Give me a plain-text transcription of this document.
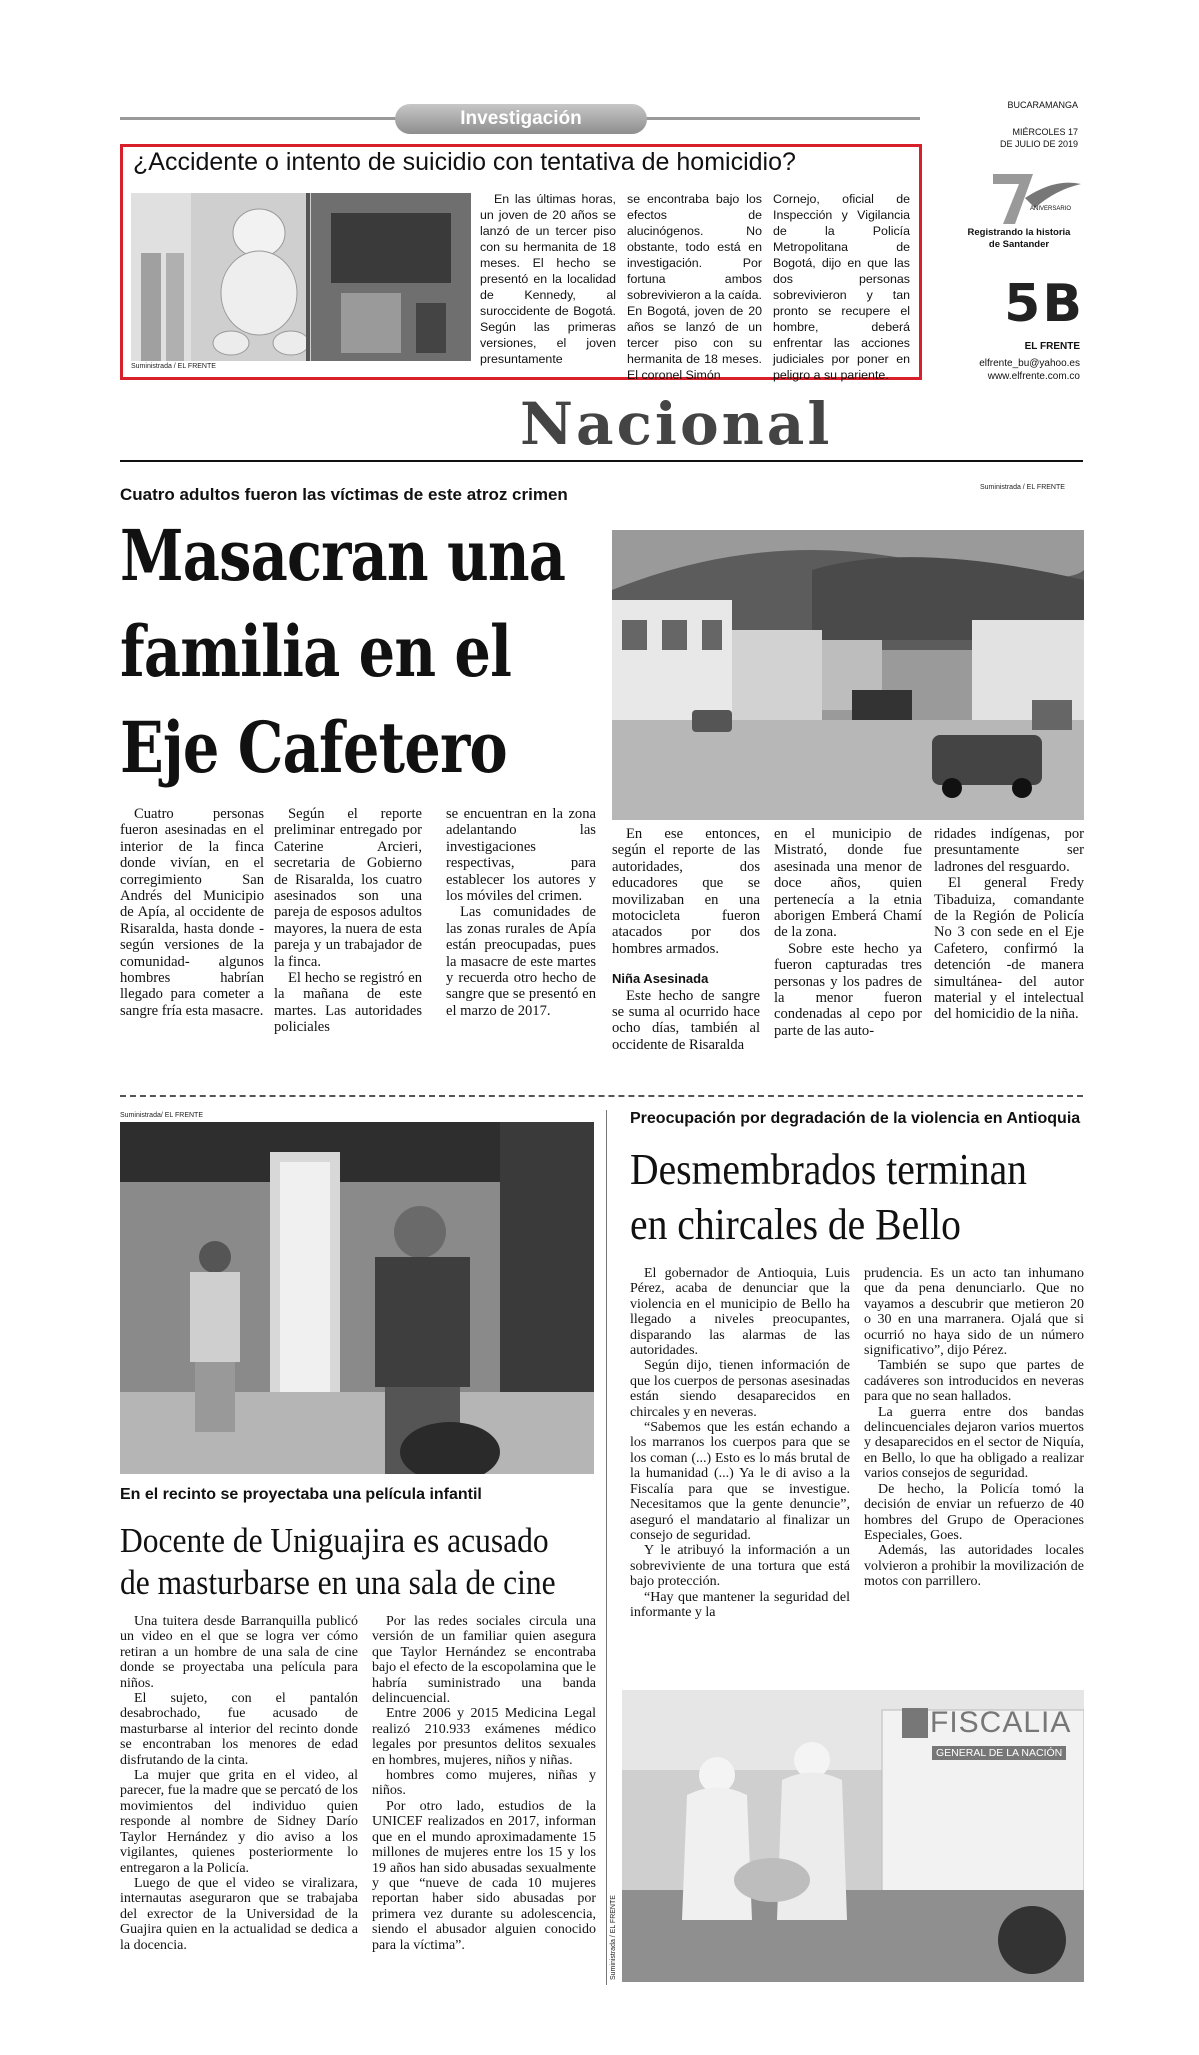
Investigación
¿Accidente o intento de suicidio con tentativa de homicidio?
Suministrada / EL FRENTE

En las últimas horas, un joven de 20 años se lanzó de un tercer piso con su hermanita de 18 meses. El hecho se presentó en la localidad de Kennedy, al suroccidente de Bogotá. Según las primeras versiones, el joven presuntamente

se encontraba bajo los efectos de alucinógenos. No obstante, todo está en investigación. Por fortuna ambos sobrevivieron a la caída. En Bogotá, joven de 20 años se lanzó de un tercer piso con su hermanita de 18 meses. El coronel Simón

Cornejo, oficial de Inspección y Vigilancia de la Policía Metropolitana de Bogotá, dijo en que las dos personas sobrevivieron y tan pronto se recupere el hombre, deberá enfrentar las acciones judiciales por poner en peligro a su pariente.

BUCARAMANGA
MIÉRCOLES 17
DE JULIO DE 2019
ANIVERSARIO
Registrando la historia
de Santander
5B
EL FRENTE
elfrente_bu@yahoo.es
www.elfrente.com.co
Nacional
Cuatro adultos fueron las víctimas de este atroz crimen
Masacran una
familia en el
Eje Cafetero
Suministrada / EL FRENTE

Cuatro personas fueron asesinadas en el interior de la finca donde vivían, en el corregimiento San Andrés del Municipio de Apía, al occidente de Risaralda, hasta donde -según versiones de la comunidad- algunos hombres habrían llegado para cometer a sangre fría esta masacre.

Según el reporte preliminar entregado por Caterine Arcieri, secretaria de Gobierno de Risaralda, los cuatro asesinados son una pareja de esposos adultos mayores, la nuera de esta pareja y un trabajador de la finca.

El hecho se registró en la mañana de este martes. Las autoridades policiales

se encuentran en la zona adelantando las investigaciones respectivas, para establecer los autores y los móviles del crimen.

Las comunidades de las zonas rurales de Apía están preocupadas, pues la masacre de este martes y recuerda otro hecho de sangre que se presentó en el marzo de 2017.

En ese entonces, según el reporte de las autoridades, dos educadores que se movilizaban en una motocicleta fueron atacados por dos hombres armados.

Niña Asesinada

Este hecho de sangre se suma al ocurrido hace ocho días, también al occidente de Risaralda

en el municipio de Mistrató, donde fue asesinada una menor de doce años, quien pertenecía a la etnia aborigen Emberá Chamí de la zona.

Sobre este hecho ya fueron capturadas tres personas y los padres de la menor fueron condenadas al cepo por parte de las auto-

ridades indígenas, por presuntamente ser ladrones del resguardo.

El general Fredy Tibaduiza, comandante de la Región de Policía No 3 con sede en el Eje Cafetero, confirmó la detención -de manera simultánea- del autor material y el intelectual del homicidio de la niña.

Suministrada/ EL FRENTE
En el recinto se proyectaba una película infantil
Docente de Uniguajira es acusado
de masturbarse en una sala de cine

Una tuitera desde Barranquilla publicó un video en el que se logra ver cómo retiran a un hombre de una sala de cine donde se proyectaba una película para niños.

El sujeto, con el pantalón desabrochado, fue acusado de masturbarse al interior del recinto donde se encontraban los menores de edad disfrutando de la cinta.

La mujer que grita en el video, al parecer, fue la madre que se percató de los movimientos del individuo quien responde al nombre de Sidney Darío Taylor Hernández y dio aviso a los vigilantes, quienes posteriormente lo entregaron a la Policía.

Luego de que el video se viralizara, internautas aseguraron que se trabajaba del exrector de la Universidad de la Guajira quien en la actualidad se dedica a la docencia.

Por las redes sociales circula una versión de un familiar quien asegura que Taylor Hernández se encontraba bajo el efecto de la escopolamina que le habría suministrado una banda delincuencial.

Entre 2006 y 2015 Medicina Legal realizó 210.933 exámenes médico legales por presuntos delitos sexuales en hombres, mujeres, niños y niñas.

hombres como mujeres, niñas y niños.

Por otro lado, estudios de la UNICEF realizados en 2017, informan que en el mundo aproximadamente 15 millones de mujeres entre los 15 y los 19 años han sido abusadas sexualmente y que “nueve de cada 10 mujeres reportan haber sido abusadas por primera vez durante su adolescencia, siendo el abusador alguien conocido para la víctima”.

Preocupación por degradación de la violencia en Antioquia
Desmembrados terminan
en chircales de Bello

El gobernador de Antioquia, Luis Pérez, acaba de denunciar que la violencia en el municipio de Bello ha llegado a niveles preocupantes, disparando las alarmas de las autoridades.

Según dijo, tienen información de que los cuerpos de personas asesinadas están siendo desaparecidos en chircales y en neveras.

“Sabemos que les están echando a los marranos los cuerpos para que se los coman (...) Esto es lo más brutal de la humanidad (...) Ya le di aviso a la Fiscalía para que se investigue. Necesitamos que la gente denuncie”, aseguró el mandatario al finalizar un consejo de seguridad.

Y le atribuyó la información a un sobreviviente de una tortura que está bajo protección.

“Hay que mantener la seguridad del informante y la

prudencia. Es un acto tan inhumano que da pena denunciarlo. Que no vayamos a descubrir que metieron 20 o 30 en una marranera. Ojalá que si ocurrió no haya sido de un número significativo”, dijo Pérez.

También se supo que partes de cadáveres son introducidos en neveras para que no sean hallados.

La guerra entre dos bandas delincuenciales dejaron varios muertos y desaparecidos en el sector de Niquía, en Bello, lo que ha obligado a realizar varios consejos de seguridad.

De hecho, la Policía tomó la decisión de enviar un refuerzo de 40 hombres del Grupo de Operaciones Especiales, Goes.

Además, las autoridades locales volvieron a prohibir la movilización de motos con parrillero.

FISCALIA
GENERAL DE LA NACIÓN
Suministrada / EL FRENTE
